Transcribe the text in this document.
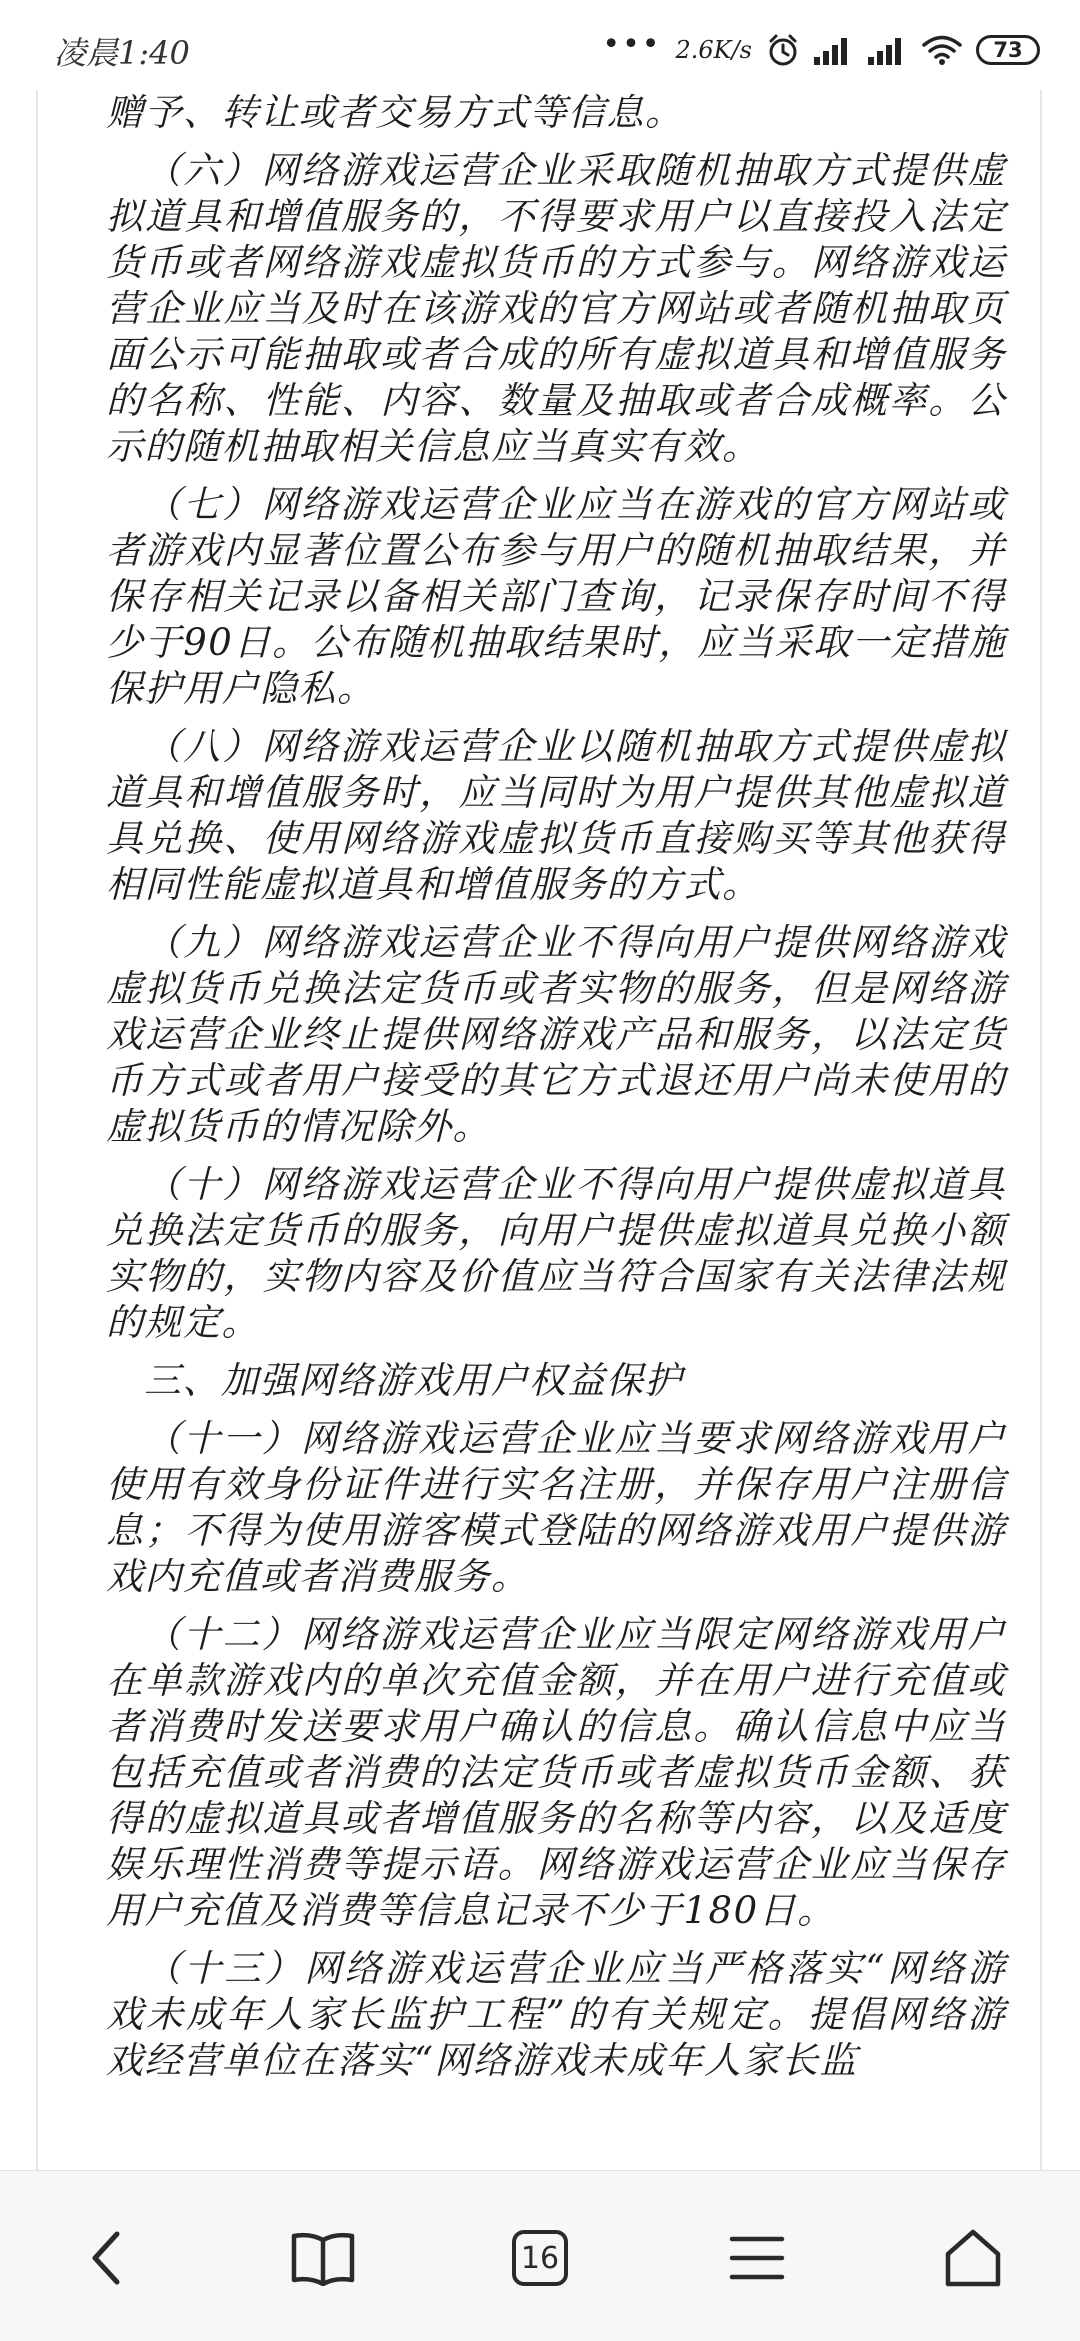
凌晨1:40	••• 2.6K/s	73

赠予、转让或者交易方式等信息。

（六）网络游戏运营企业采取随机抽取方式提供虚拟道具和增值服务的，不得要求用户以直接投入法定货币或者网络游戏虚拟货币的方式参与。网络游戏运营企业应当及时在该游戏的官方网站或者随机抽取页面公示可能抽取或者合成的所有虚拟道具和增值服务的名称、性能、内容、数量及抽取或者合成概率。公示的随机抽取相关信息应当真实有效。

（七）网络游戏运营企业应当在游戏的官方网站或者游戏内显著位置公布参与用户的随机抽取结果，并保存相关记录以备相关部门查询，记录保存时间不得少于90日。公布随机抽取结果时，应当采取一定措施保护用户隐私。

（八）网络游戏运营企业以随机抽取方式提供虚拟道具和增值服务时，应当同时为用户提供其他虚拟道具兑换、使用网络游戏虚拟货币直接购买等其他获得相同性能虚拟道具和增值服务的方式。

（九）网络游戏运营企业不得向用户提供网络游戏虚拟货币兑换法定货币或者实物的服务，但是网络游戏运营企业终止提供网络游戏产品和服务，以法定货币方式或者用户接受的其它方式退还用户尚未使用的虚拟货币的情况除外。

（十）网络游戏运营企业不得向用户提供虚拟道具兑换法定货币的服务，向用户提供虚拟道具兑换小额实物的，实物内容及价值应当符合国家有关法律法规的规定。

三、加强网络游戏用户权益保护

（十一）网络游戏运营企业应当要求网络游戏用户使用有效身份证件进行实名注册，并保存用户注册信息；不得为使用游客模式登陆的网络游戏用户提供游戏内充值或者消费服务。

（十二）网络游戏运营企业应当限定网络游戏用户在单款游戏内的单次充值金额，并在用户进行充值或者消费时发送要求用户确认的信息。确认信息中应当包括充值或者消费的法定货币或者虚拟货币金额、获得的虚拟道具或者增值服务的名称等内容，以及适度娱乐理性消费等提示语。网络游戏运营企业应当保存用户充值及消费等信息记录不少于180日。

（十三）网络游戏运营企业应当严格落实“网络游戏未成年人家长监护工程”的有关规定。提倡网络游戏经营单位在落实“网络游戏未成年人家长监

16
